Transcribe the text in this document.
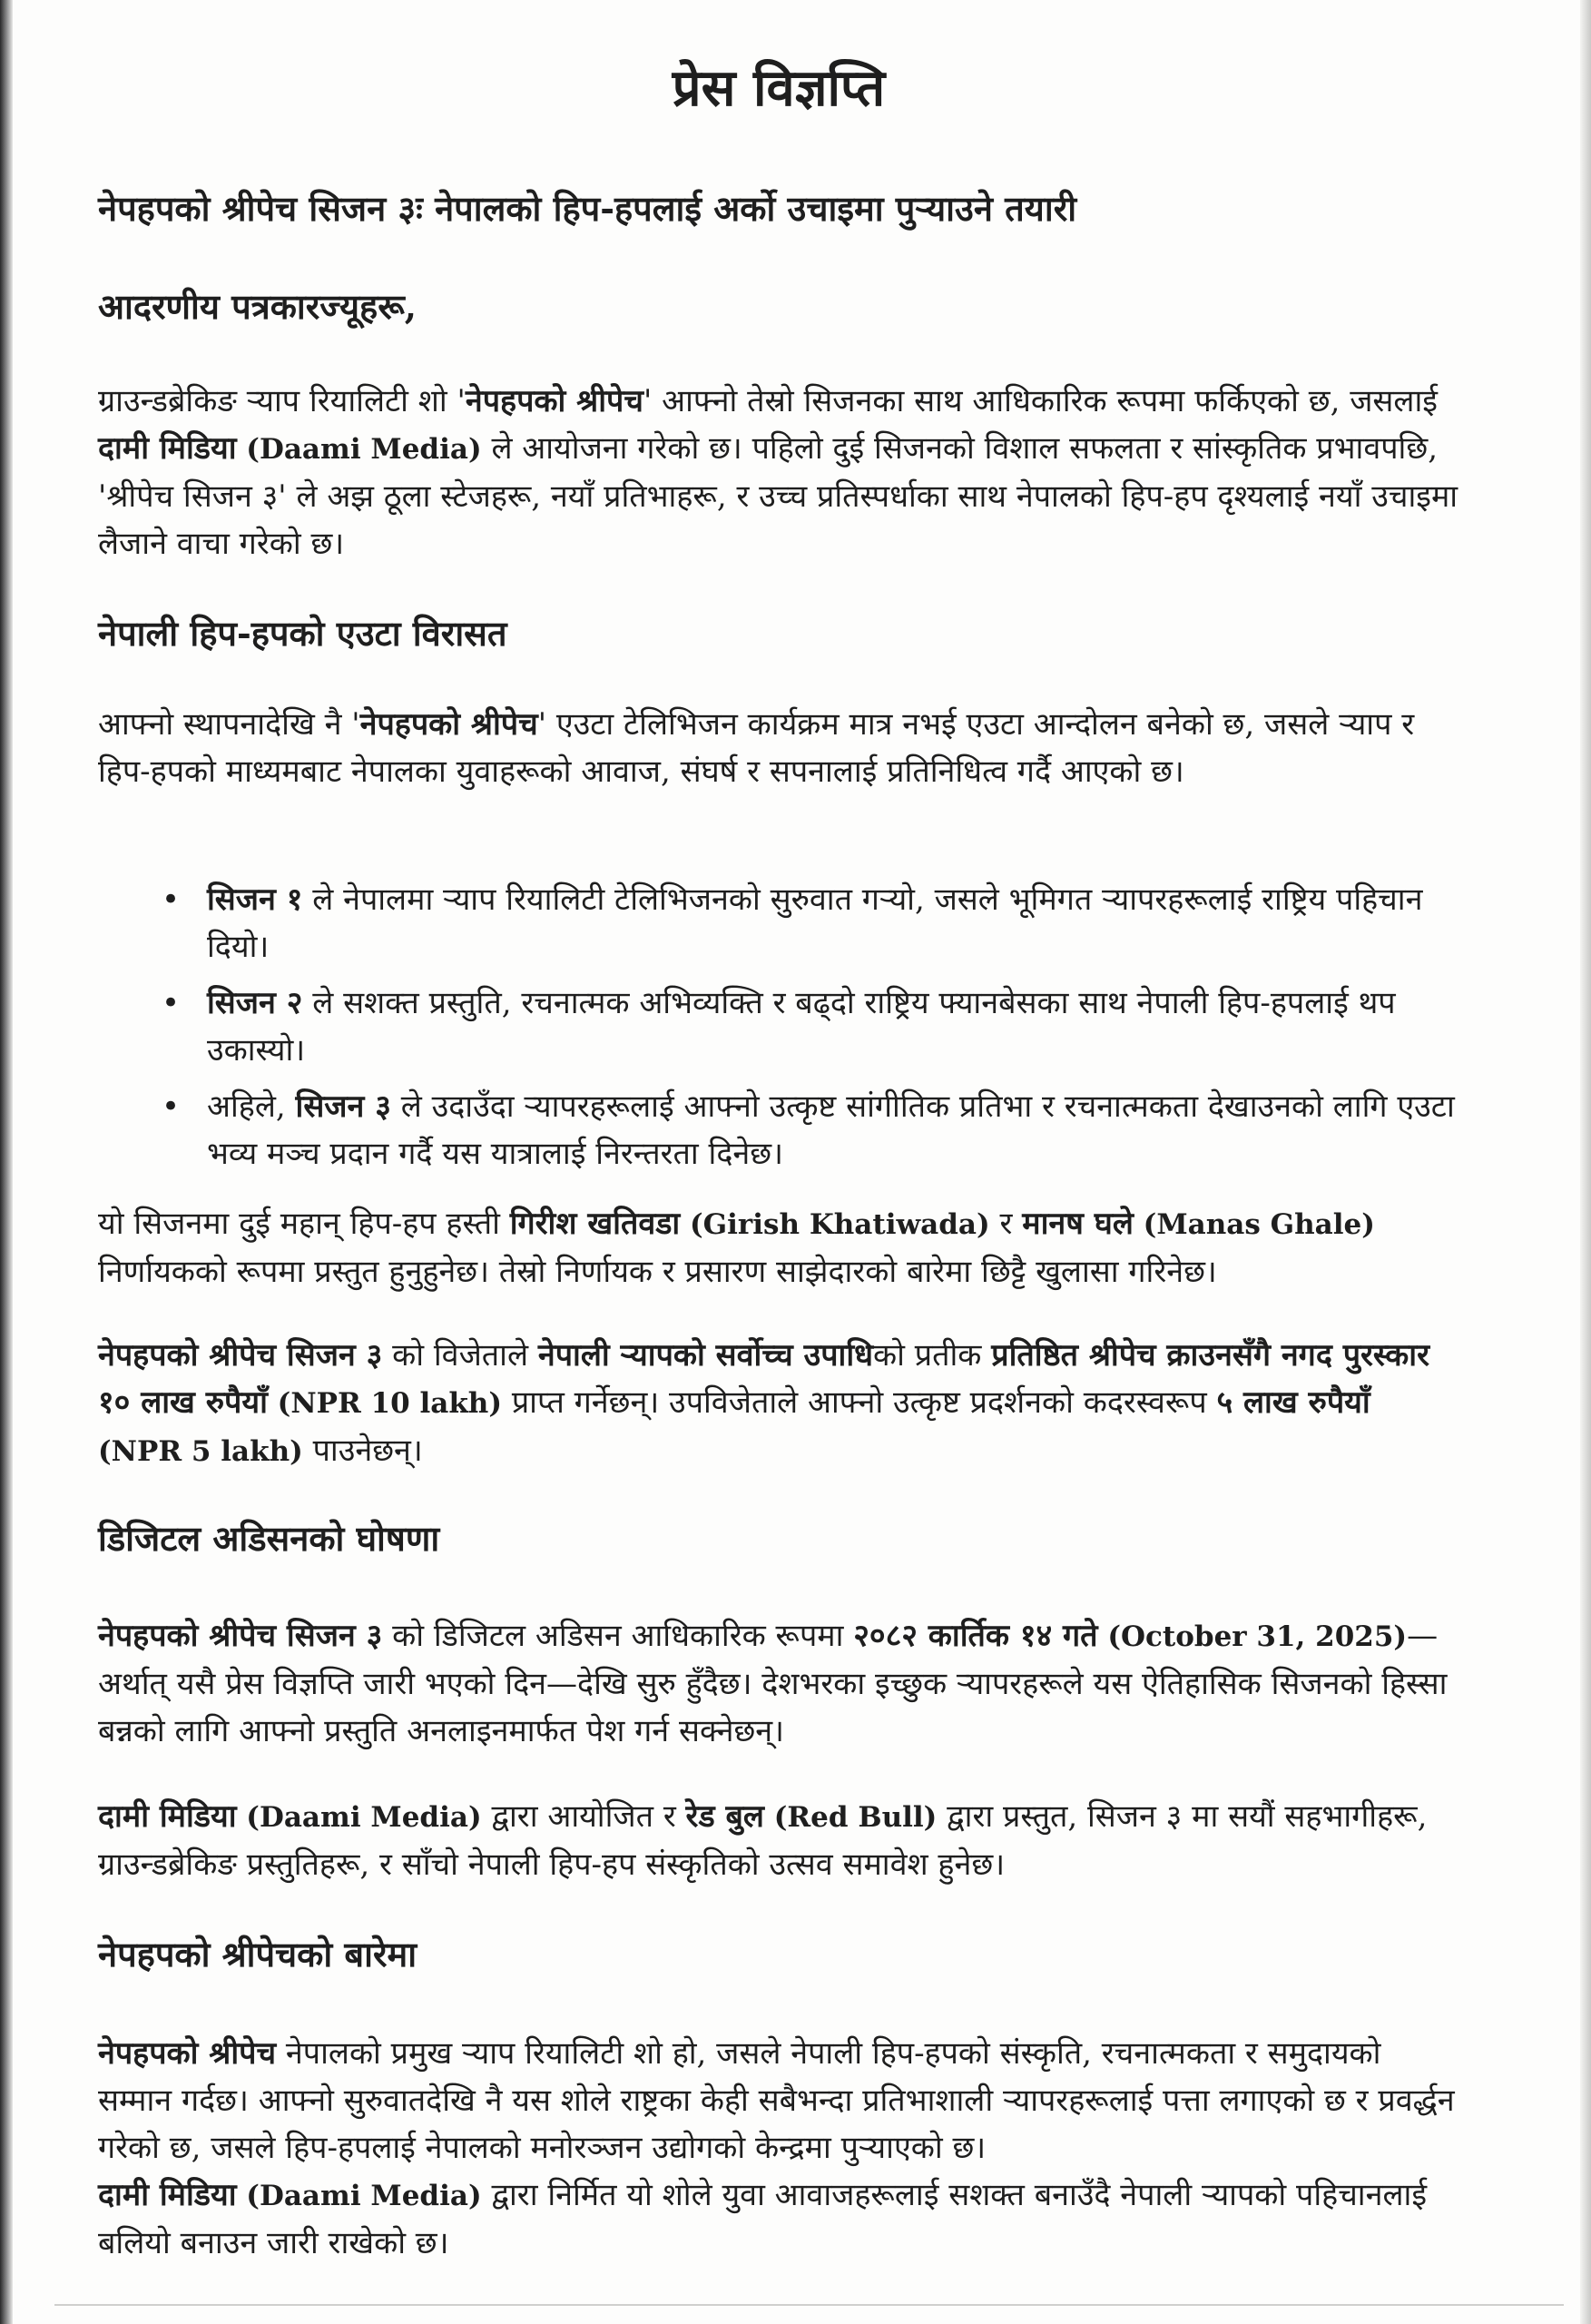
प्रेस विज्ञप्ति

नेपहपको श्रीपेच सिजन ३ः नेपालको हिप-हपलाई अर्को उचाइमा पुऱ्याउने तयारी

आदरणीय पत्रकारज्यूहरू,

ग्राउन्डब्रेकिङ र्‍याप रियालिटी शो 'नेपहपको श्रीपेच' आफ्नो तेस्रो सिजनका साथ आधिकारिक रूपमा फर्किएको छ, जसलाई दामी मिडिया (Daami Media) ले आयोजना गरेको छ। पहिलो दुई सिजनको विशाल सफलता र सांस्कृतिक प्रभावपछि, 'श्रीपेच सिजन ३' ले अझ ठूला स्टेजहरू, नयाँ प्रतिभाहरू, र उच्च प्रतिस्पर्धाका साथ नेपालको हिप-हप दृश्यलाई नयाँ उचाइमा लैजाने वाचा गरेको छ।

नेपाली हिप-हपको एउटा विरासत

आफ्नो स्थापनादेखि नै 'नेपहपको श्रीपेच' एउटा टेलिभिजन कार्यक्रम मात्र नभई एउटा आन्दोलन बनेको छ, जसले र्‍याप र हिप-हपको माध्यमबाट नेपालका युवाहरूको आवाज, संघर्ष र सपनालाई प्रतिनिधित्व गर्दै आएको छ।

• सिजन १ ले नेपालमा र्‍याप रियालिटी टेलिभिजनको सुरुवात गर्‍यो, जसले भूमिगत र्‍यापरहरूलाई राष्ट्रिय पहिचान दियो।
• सिजन २ ले सशक्त प्रस्तुति, रचनात्मक अभिव्यक्ति र बढ्दो राष्ट्रिय फ्यानबेसका साथ नेपाली हिप-हपलाई थप उकास्यो।
• अहिले, सिजन ३ ले उदाउँदा र्‍यापरहरूलाई आफ्नो उत्कृष्ट सांगीतिक प्रतिभा र रचनात्मकता देखाउनको लागि एउटा भव्य मञ्च प्रदान गर्दै यस यात्रालाई निरन्तरता दिनेछ।

यो सिजनमा दुई महान् हिप-हप हस्ती गिरीश खतिवडा (Girish Khatiwada) र मानष घले (Manas Ghale) निर्णायकको रूपमा प्रस्तुत हुनुहुनेछ। तेस्रो निर्णायक र प्रसारण साझेदारको बारेमा छिट्टै खुलासा गरिनेछ।

नेपहपको श्रीपेच सिजन ३ को विजेताले नेपाली र्‍यापको सर्वोच्च उपाधिको प्रतीक प्रतिष्ठित श्रीपेच क्राउनसँगै नगद पुरस्कार १० लाख रुपैयाँ (NPR 10 lakh) प्राप्त गर्नेछन्। उपविजेताले आफ्नो उत्कृष्ट प्रदर्शनको कदरस्वरूप ५ लाख रुपैयाँ (NPR 5 lakh) पाउनेछन्।

डिजिटल अडिसनको घोषणा

नेपहपको श्रीपेच सिजन ३ को डिजिटल अडिसन आधिकारिक रूपमा २०८२ कार्तिक १४ गते (October 31, 2025)—अर्थात् यसै प्रेस विज्ञप्ति जारी भएको दिन—देखि सुरु हुँदैछ। देशभरका इच्छुक र्‍यापरहरूले यस ऐतिहासिक सिजनको हिस्सा बन्नको लागि आफ्नो प्रस्तुति अनलाइनमार्फत पेश गर्न सक्नेछन्।

दामी मिडिया (Daami Media) द्वारा आयोजित र रेड बुल (Red Bull) द्वारा प्रस्तुत, सिजन ३ मा सयौं सहभागीहरू, ग्राउन्डब्रेकिङ प्रस्तुतिहरू, र साँचो नेपाली हिप-हप संस्कृतिको उत्सव समावेश हुनेछ।

नेपहपको श्रीपेचको बारेमा

नेपहपको श्रीपेच नेपालको प्रमुख र्‍याप रियालिटी शो हो, जसले नेपाली हिप-हपको संस्कृति, रचनात्मकता र समुदायको सम्मान गर्दछ। आफ्नो सुरुवातदेखि नै यस शोले राष्ट्रका केही सबैभन्दा प्रतिभाशाली र्‍यापरहरूलाई पत्ता लगाएको छ र प्रवर्द्धन गरेको छ, जसले हिप-हपलाई नेपालको मनोरञ्जन उद्योगको केन्द्रमा पुऱ्याएको छ।
दामी मिडिया (Daami Media) द्वारा निर्मित यो शोले युवा आवाजहरूलाई सशक्त बनाउँदै नेपाली र्‍यापको पहिचानलाई बलियो बनाउन जारी राखेको छ।
